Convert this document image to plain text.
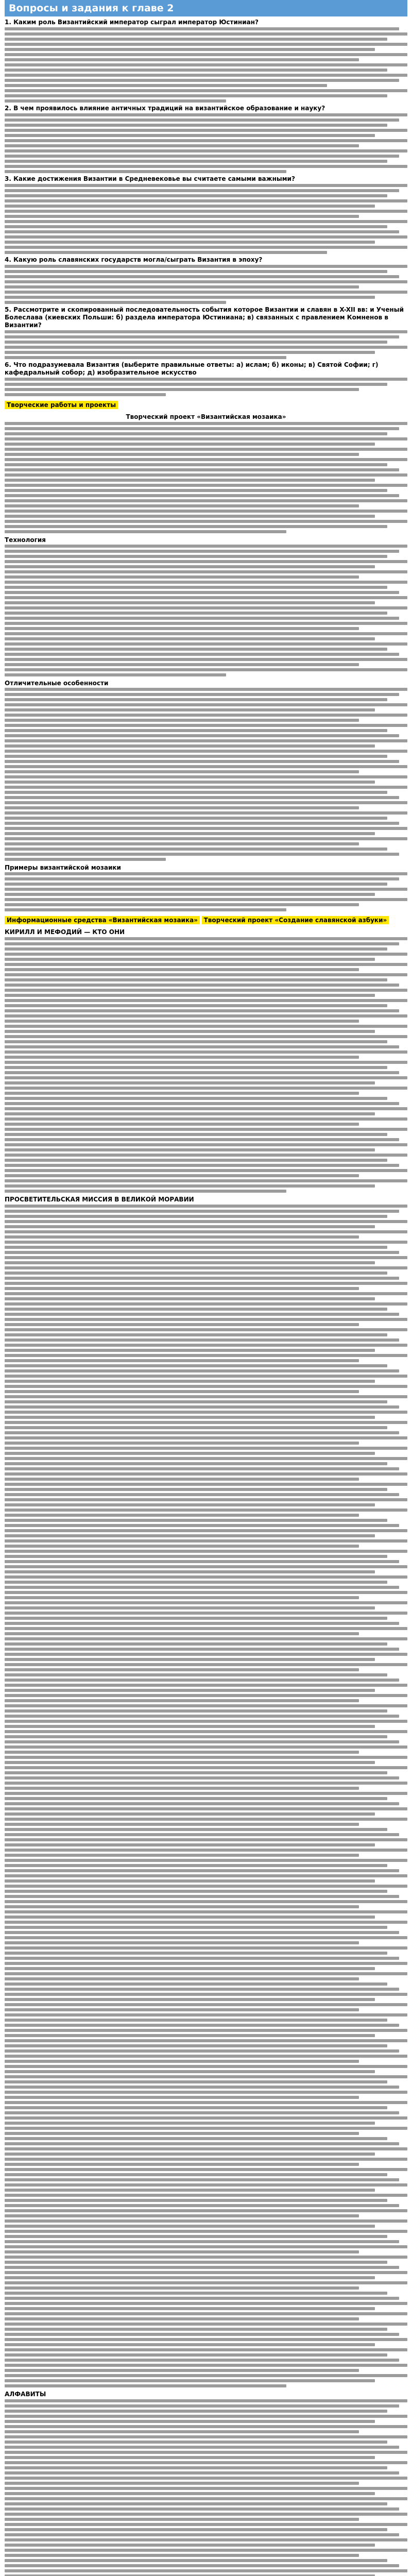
Вопросы и задания к главе 2
1. Каким роль Византийский император сыграл император Юстиниан?
2. В чем проявилось влияние античных традиций на византийское образование и науку?
3. Какие достижения Византии в Средневековье вы считаете самыми важными?
4. Какую роль славянских государств могла/сыграть Византия в эпоху?
5. Рассмотрите и скопированный последовательность события которое Византии и славян в X-XII вв: и Ученый Болеслава (киевских Польши: б) раздела императора Юстиниана; в) связанных с правлением Комненов в Византии?
6. Что подразумевала Византия (выберите правильные ответы: а) ислам; б) иконы; в) Святой Софии; г) кафедральный собор; д) изобразительное искусство
Творческие работы и проекты
Творческий проект «Византийская мозаика»
Технология
Отличительные особенности
Примеры византийской мозаики
Информационные средства «Византийская мозаика» Творческий проект «Создание славянской азбуки»
КИРИЛЛ И МЕФОДИЙ — КТО ОНИ
ПРОСВЕТИТЕЛЬСКАЯ МИССИЯ В ВЕЛИКОЙ МОРАВИИ
АЛФАВИТЫ
